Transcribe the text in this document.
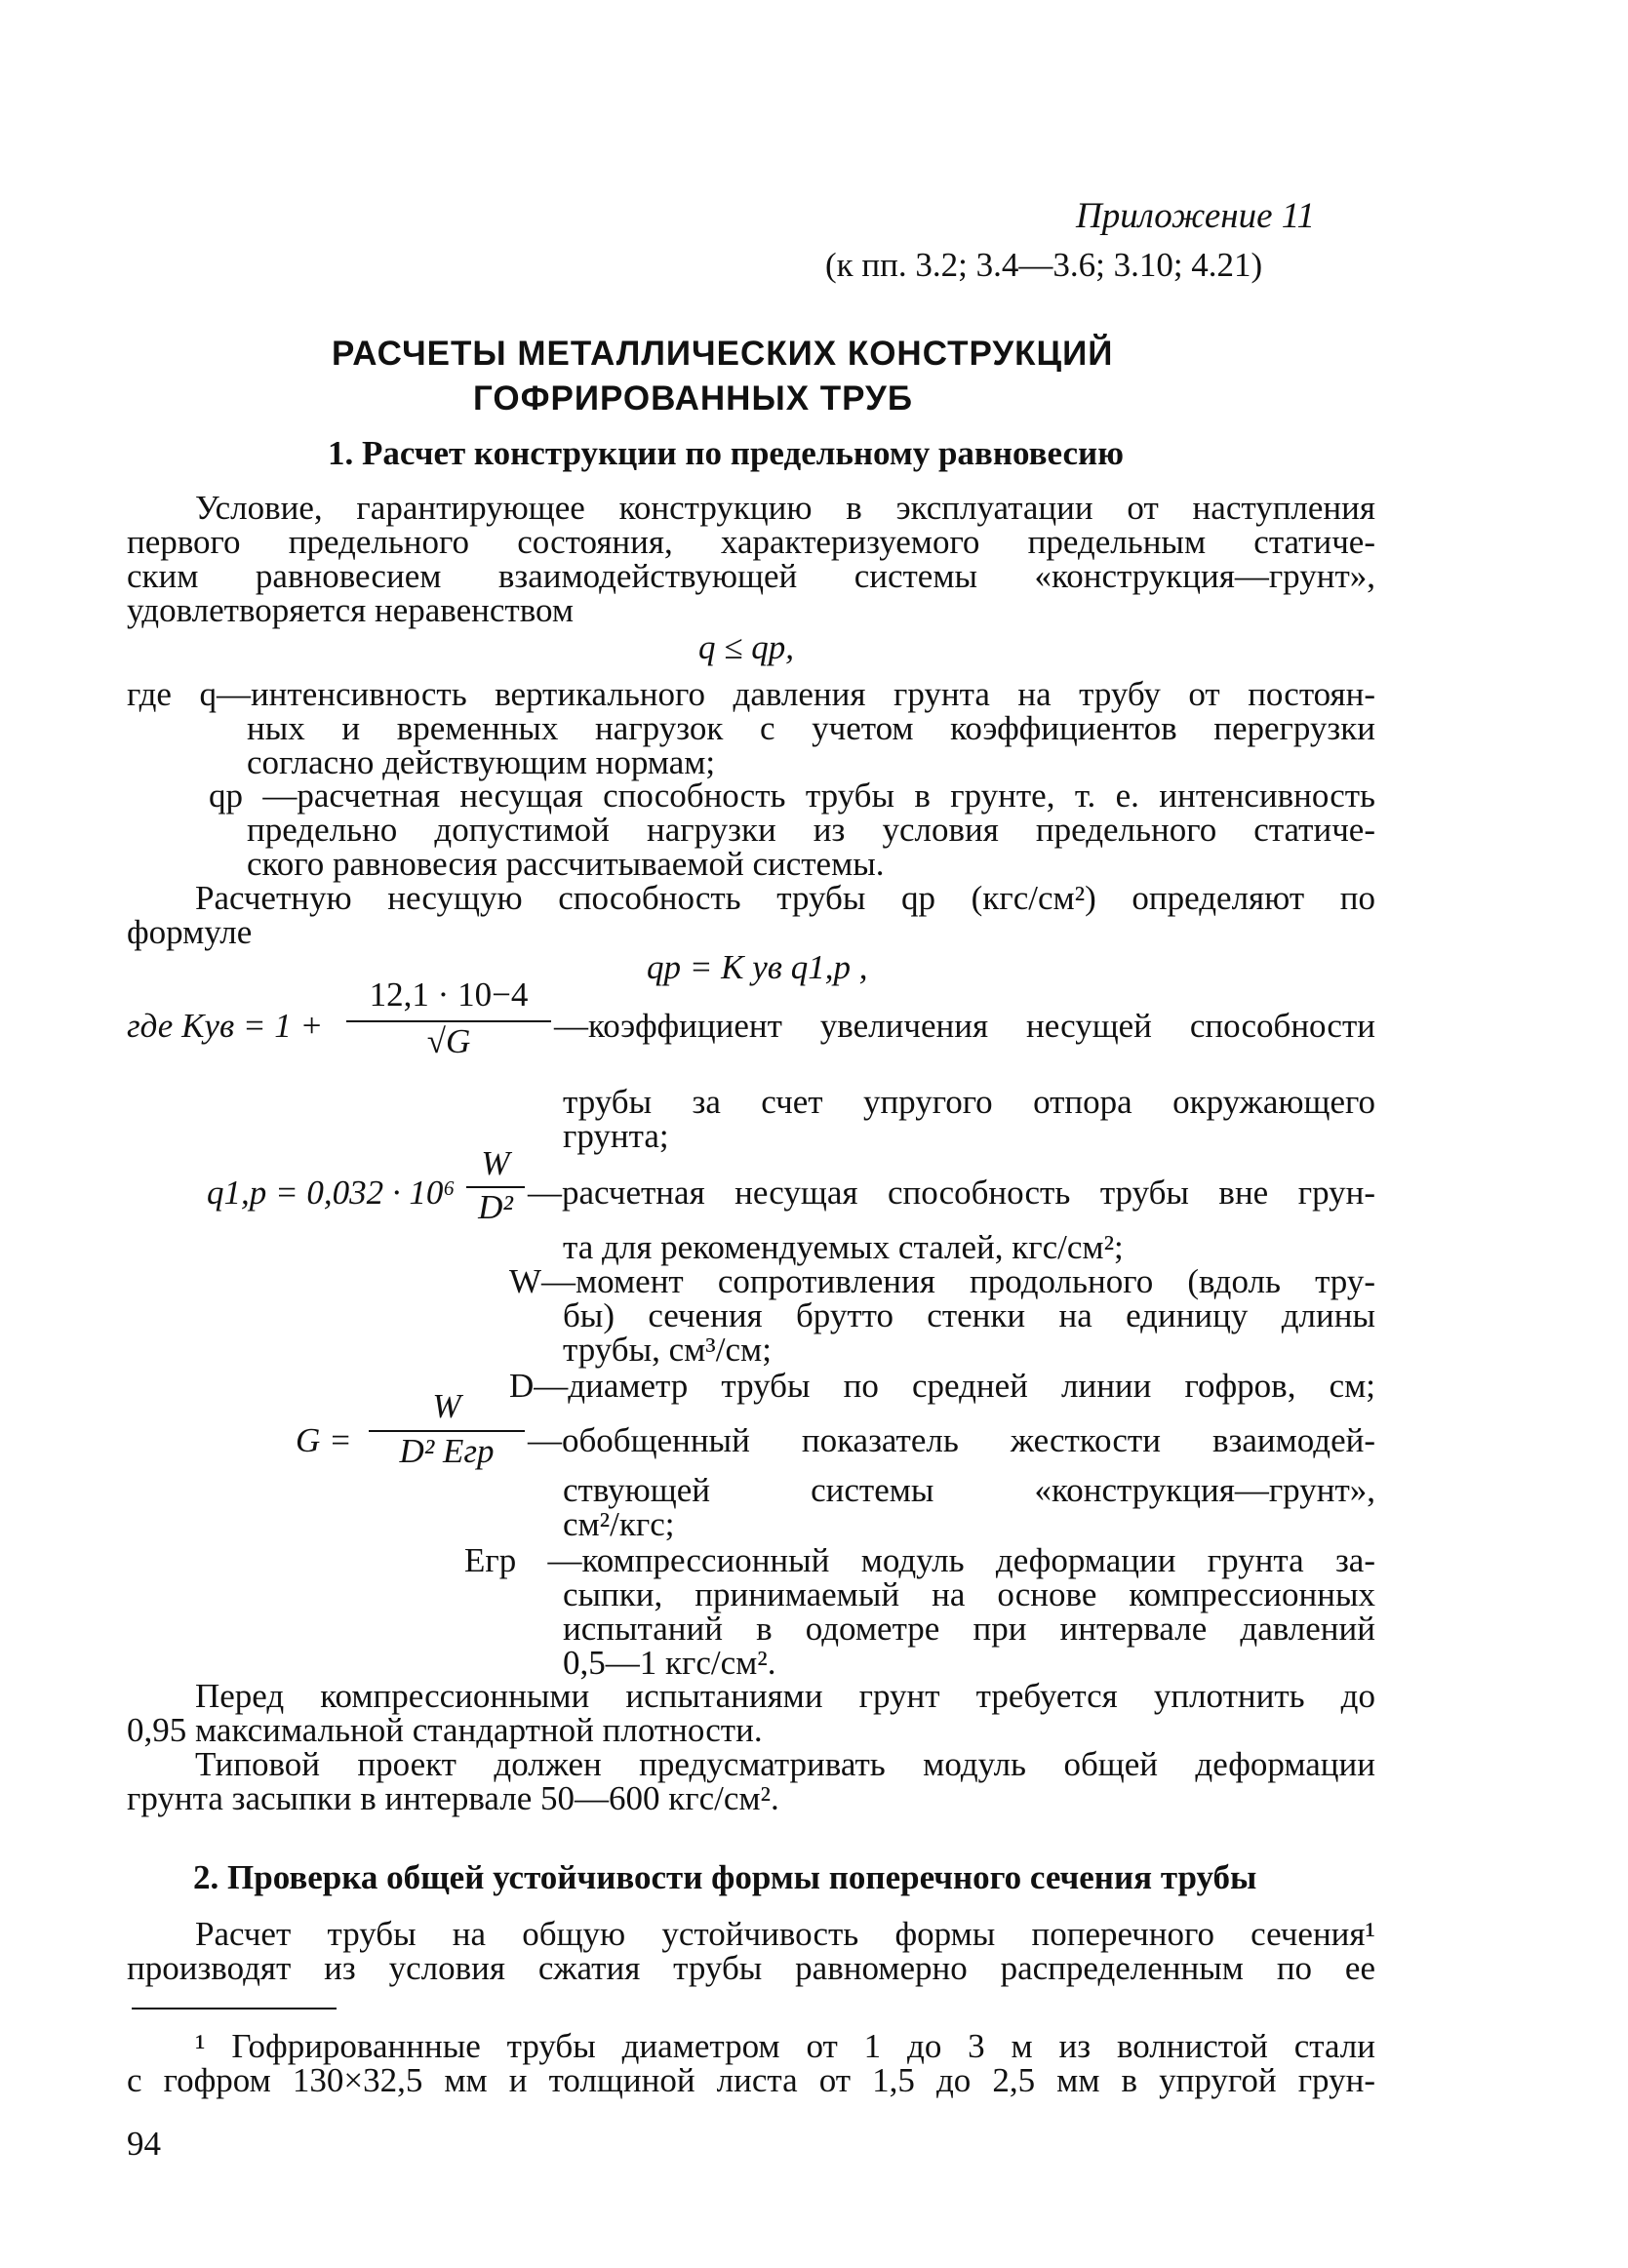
Приложение 11
(к пп. 3.2; 3.4—3.6; 3.10; 4.21)
РАСЧЕТЫ МЕТАЛЛИЧЕСКИХ КОНСТРУКЦИЙ
ГОФРИРОВАННЫХ ТРУБ
1. Расчет конструкции по предельному равновесию
Условие, гарантирующее конструкцию в эксплуатации от наступления
первого предельного состояния, характеризуемого предельным статиче-
ским равновесием взаимодействующей системы «конструкция—грунт»,
удовлетворяется неравенством
q ≤ qр,
где q—интенсивность вертикального давления грунта на трубу от постоян-
ных и временных нагрузок с учетом коэффициентов перегрузки
согласно действующим нормам;
qр —расчетная несущая способность трубы в грунте, т. е. интенсивность
предельно допустимой нагрузки из условия предельного статиче-
ского равновесия рассчитываемой системы.
Расчетную несущую способность трубы qр (кгс/см²) определяют по
формуле
qр = K ув q1,р ,
где Kув = 1 +
12,1 · 10−4
√G	—коэффициент увеличения несущей способности
трубы за счет упругого отпора окружающего
грунта;
q1,р = 0,032 · 10⁶
W
D² —расчетная несущая способность трубы вне грун-
та для рекомендуемых сталей, кгс/см²;
W—момент сопротивления продольного (вдоль тру-
бы) сечения брутто стенки на единицу длины
трубы, см³/см;
D—диаметр трубы по средней линии гофров, см;
G =
W
D² Eгр —обобщенный показатель жесткости взаимодей-
ствующей системы «конструкция—грунт»,
см²/кгс;
Eгр —компрессионный модуль деформации грунта за-
сыпки, принимаемый на основе компрессионных
испытаний в одометре при интервале давлений
0,5—1 кгс/см².
Перед компрессионными испытаниями грунт требуется уплотнить до
0,95 максимальной стандартной плотности.
Типовой проект должен предусматривать модуль общей деформации
грунта засыпки в интервале 50—600 кгс/см².
2. Проверка общей устойчивости формы поперечного сечения трубы
Расчет трубы на общую устойчивость формы поперечного сечения¹
производят из условия сжатия трубы равномерно распределенным по ее
¹ Гофрированнные трубы диаметром от 1 до 3 м из волнистой стали
с гофром 130×32,5 мм и толщиной листа от 1,5 до 2,5 мм в упругой грун-
94
